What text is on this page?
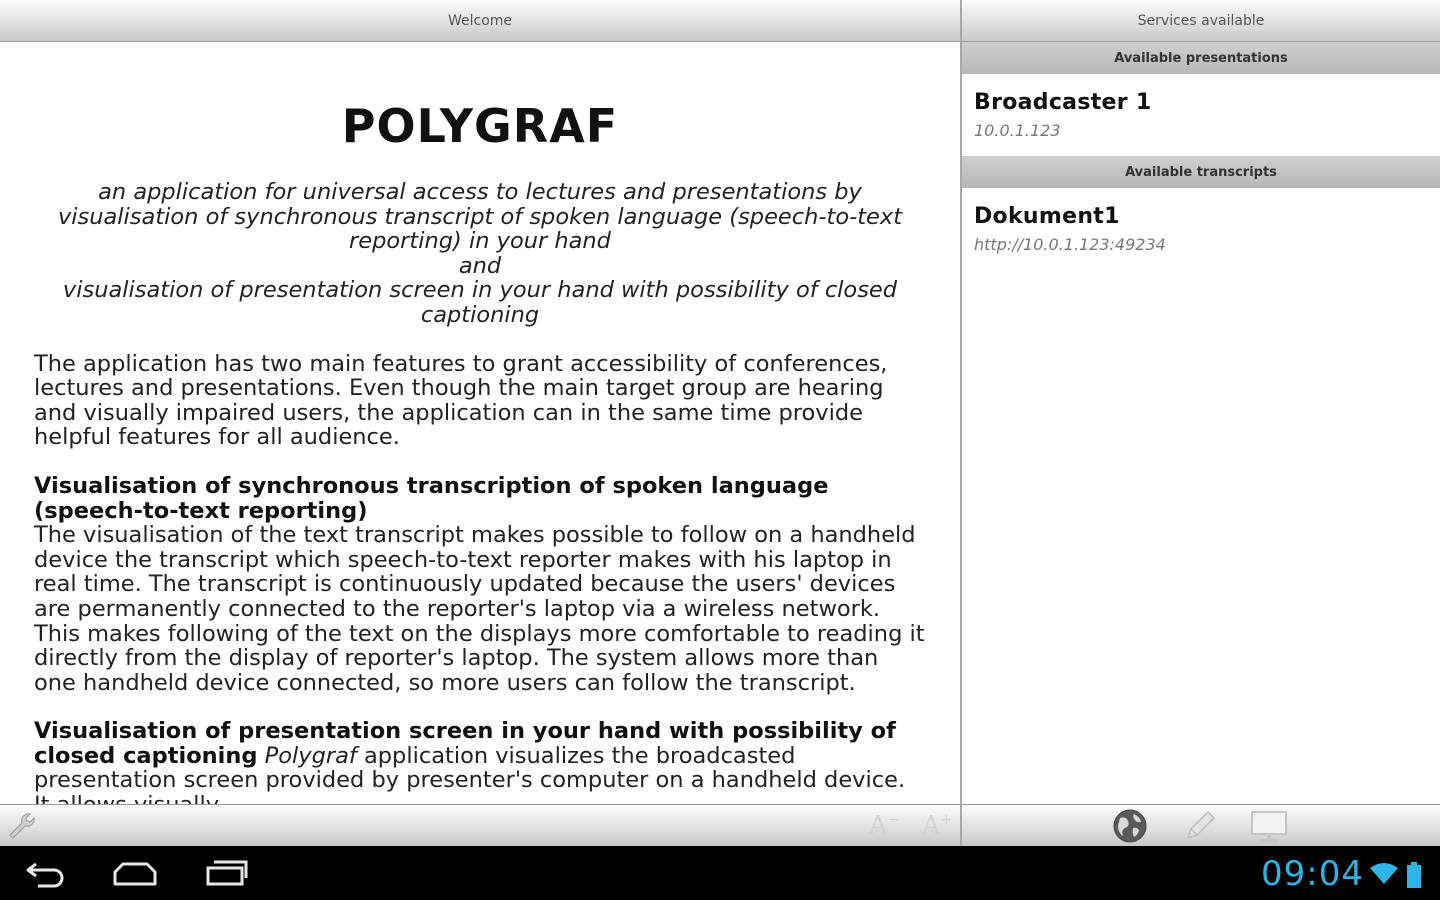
Welcome	Services available
POLYGRAF
an application for universal access to lectures and presentations by
visualisation of synchronous transcript of spoken language (speech-to-text
reporting) in your hand
and
visualisation of presentation screen in your hand with possibility of closed
captioning

The application has two main features to grant accessibility of conferences, lectures and presentations. Even though the main target group are hearing and visually impaired users, the application can in the same time provide helpful features for all audience.

Visualisation of synchronous transcription of spoken language (speech-to-text reporting)
The visualisation of the text transcript makes possible to follow on a handheld device the transcript which speech-to-text reporter makes with his laptop in real time. The transcript is continuously updated because the users' devices are permanently connected to the reporter's laptop via a wireless network. This makes following of the text on the displays more comfortable to reading it directly from the display of reporter's laptop. The system allows more than one handheld device connected, so more users can follow the transcript.

Visualisation of presentation screen in your hand with possibility of closed captioning Polygraf application visualizes the broadcasted presentation screen provided by presenter's computer on a handheld device.

Available presentations
Broadcaster 1
10.0.1.123
Available transcripts
Dokument1
http://10.0.1.123:49234
A − A +
09:04
